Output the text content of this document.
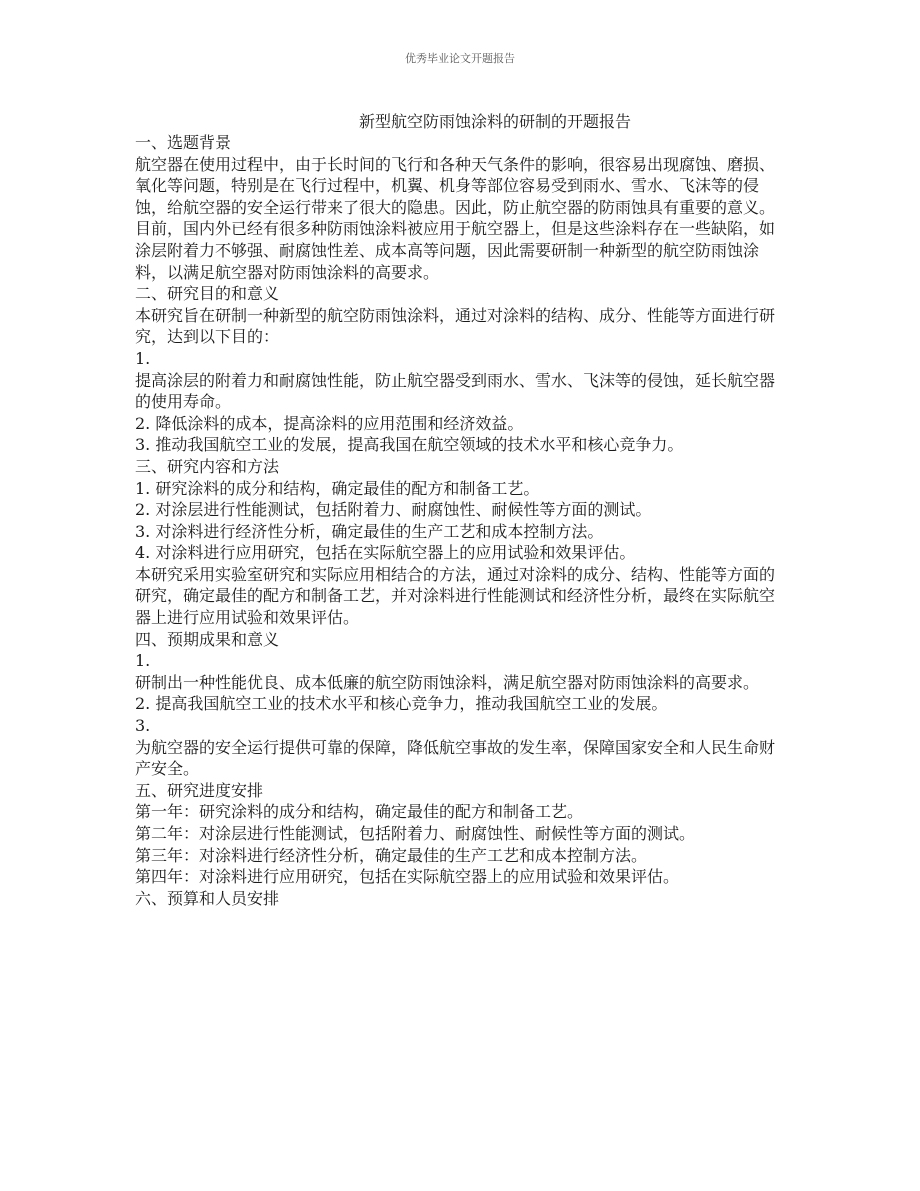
优秀毕业论文开题报告
新型航空防雨蚀涂料的研制的开题报告

一、选题背景

航空器在使用过程中，由于长时间的飞行和各种天气条件的影响，很容易出现腐蚀、磨损、氧化等问题，特别是在飞行过程中，机翼、机身等部位容易受到雨水、雪水、飞沫等的侵蚀，给航空器的安全运行带来了很大的隐患。因此，防止航空器的防雨蚀具有重要的意义。

目前，国内外已经有很多种防雨蚀涂料被应用于航空器上，但是这些涂料存在一些缺陷，如涂层附着力不够强、耐腐蚀性差、成本高等问题，因此需要研制一种新型的航空防雨蚀涂料，以满足航空器对防雨蚀涂料的高要求。

二、研究目的和意义

本研究旨在研制一种新型的航空防雨蚀涂料，通过对涂料的结构、成分、性能等方面进行研究，达到以下目的：

1.

提高涂层的附着力和耐腐蚀性能，防止航空器受到雨水、雪水、飞沫等的侵蚀，延长航空器的使用寿命。

2. 降低涂料的成本，提高涂料的应用范围和经济效益。

3. 推动我国航空工业的发展，提高我国在航空领域的技术水平和核心竞争力。

三、研究内容和方法

1. 研究涂料的成分和结构，确定最佳的配方和制备工艺。

2. 对涂层进行性能测试，包括附着力、耐腐蚀性、耐候性等方面的测试。

3. 对涂料进行经济性分析，确定最佳的生产工艺和成本控制方法。

4. 对涂料进行应用研究，包括在实际航空器上的应用试验和效果评估。

本研究采用实验室研究和实际应用相结合的方法，通过对涂料的成分、结构、性能等方面的研究，确定最佳的配方和制备工艺，并对涂料进行性能测试和经济性分析，最终在实际航空器上进行应用试验和效果评估。

四、预期成果和意义

1.

研制出一种性能优良、成本低廉的航空防雨蚀涂料，满足航空器对防雨蚀涂料的高要求。

2. 提高我国航空工业的技术水平和核心竞争力，推动我国航空工业的发展。

3.

为航空器的安全运行提供可靠的保障，降低航空事故的发生率，保障国家安全和人民生命财产安全。

五、研究进度安排

第一年：研究涂料的成分和结构，确定最佳的配方和制备工艺。

第二年：对涂层进行性能测试，包括附着力、耐腐蚀性、耐候性等方面的测试。

第三年：对涂料进行经济性分析，确定最佳的生产工艺和成本控制方法。

第四年：对涂料进行应用研究，包括在实际航空器上的应用试验和效果评估。

六、预算和人员安排
